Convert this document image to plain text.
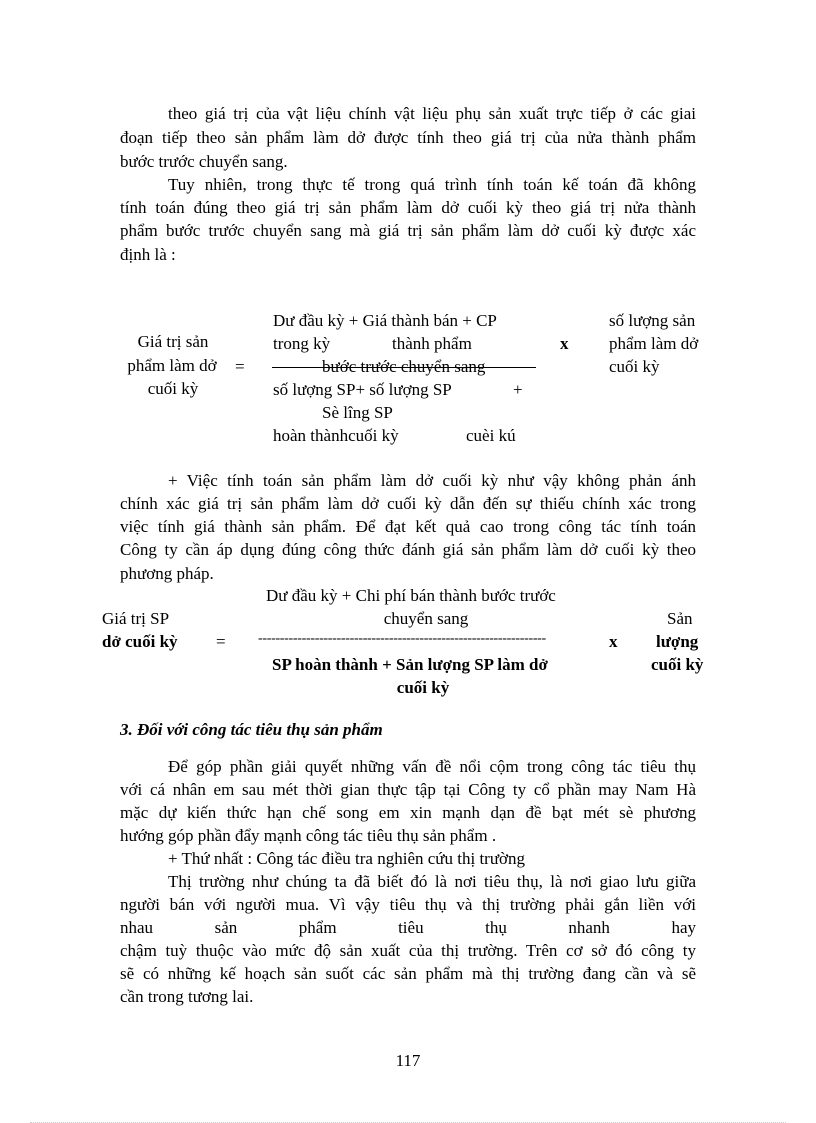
theo giá trị của vật liệu chính vật liệu phụ sản xuất trực tiếp ở các giai
đoạn tiếp theo sản phẩm làm dở được tính theo giá trị của nửa thành phẩm
bước trước chuyển sang.
Tuy nhiên, trong thực tế trong quá trình tính toán kế toán đã không
tính toán đúng theo giá trị sản phẩm làm dở cuối kỳ theo giá trị nửa thành
phẩm bước trước chuyển sang mà giá trị sản phẩm làm dở cuối kỳ được xác
định là :
Giá trị sản
phẩm làm dở
cuối kỳ
=
Dư đầu kỳ + Giá thành bán + CP
trong kỳ	thành phẩm
bước trước chuyển sang
số lượng SP+ số lượng SP	+
Sè lîng SP
hoàn thànhcuối kỳ	cuèi kú
x
số lượng sản
phẩm làm dở
cuối kỳ
+ Việc tính toán sản phẩm làm dở cuối kỳ như vậy không phản ánh
chính xác giá trị sản phẩm làm dở cuối kỳ dẫn đến sự thiếu chính xác trong
việc tính giá thành sản phẩm. Để đạt kết quả cao trong công tác tính toán
Công ty cần áp dụng đúng công thức đánh giá sản phẩm làm dở cuối kỳ theo
phương pháp.
Dư đầu kỳ + Chi phí bán thành bước trước
chuyển sang
Giá trị SP
dở cuối kỳ = ------------------------------------------------------------------	x
Sản
lượng
cuối kỳ
SP hoàn thành + Sản lượng SP làm dở
cuối kỳ
3. Đối với công tác tiêu thụ sản phẩm
Để góp phần giải quyết những vấn đề nổi cộm trong công tác tiêu thụ
với cá nhân em sau mét thời gian thực tập tại Công ty cổ phần may Nam Hà
mặc dự kiến thức hạn chế song em xin mạnh dạn đề bạt mét sè phương
hướng góp phần đẩy mạnh công tác tiêu thụ sản phẩm .
+ Thứ nhất : Công tác điều tra nghiên cứu thị trường
Thị trường như chúng ta đã biết đó là nơi tiêu thụ, là nơi giao lưu giữa
người bán với người mua. Vì vậy tiêu thụ và thị trường phải gắn liền với
nhau sản phẩm tiêu thụ nhanh hay
chậm tuỳ thuộc vào mức độ sản xuất của thị trường. Trên cơ sở đó công ty
sẽ có những kế hoạch sản suốt các sản phẩm mà thị trường đang cần và sẽ
cần trong tương lai.
117
